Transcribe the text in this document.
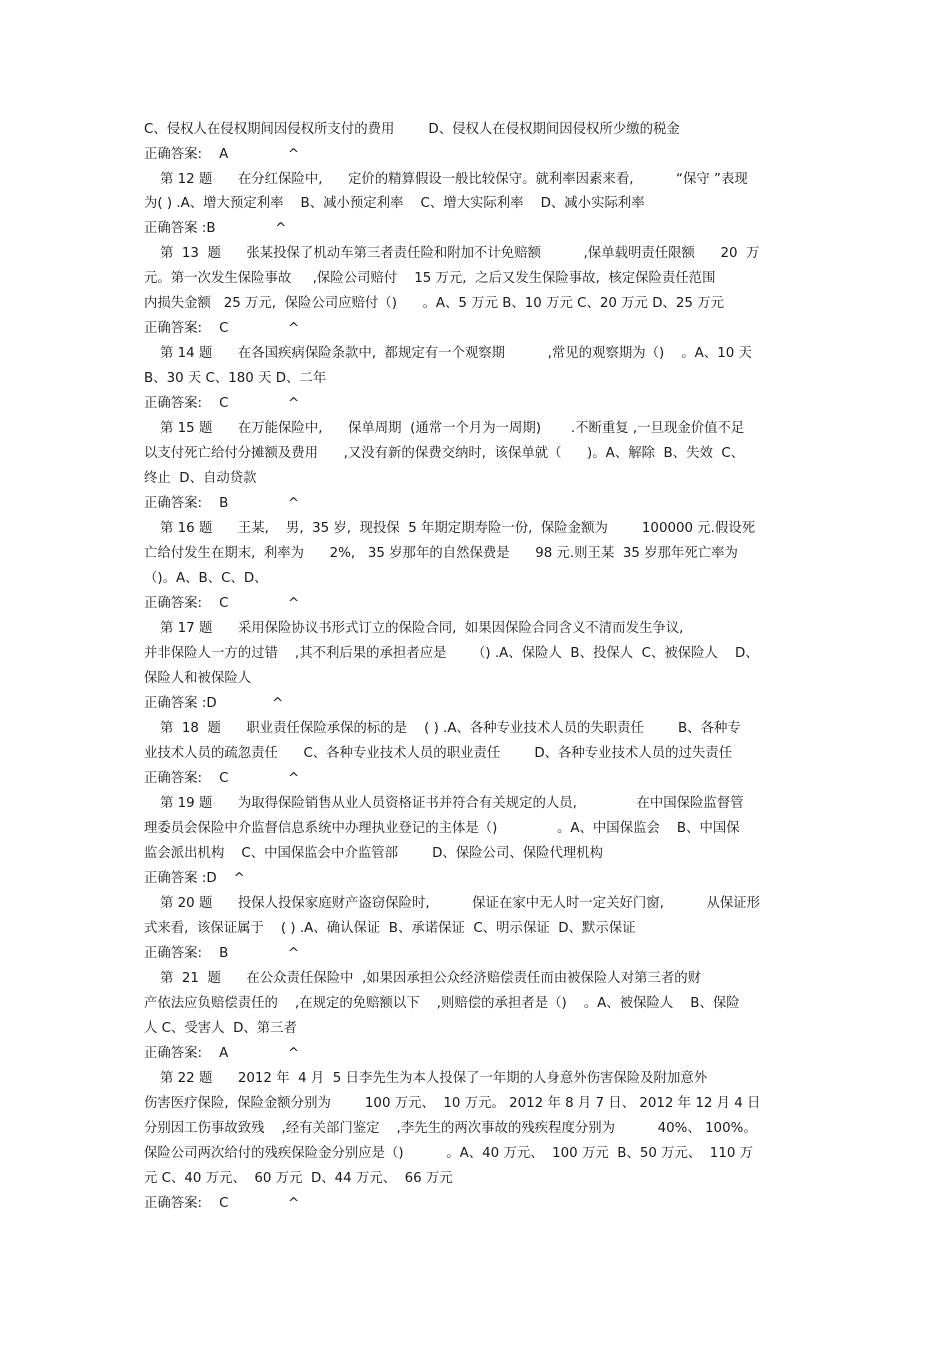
C、侵权人在侵权期间因侵权所支付的费用        D、侵权人在侵权期间因侵权所少缴的税金
正确答案:    A              ^
第 12 题      在分红保险中,      定价的精算假设一般比较保守。就利率因素来看,          “保守 ”表现
为( ) .A、增大预定利率    B、减小预定利率    C、增大实际利率    D、减小实际利率
正确答案 :B              ^
第  13  题      张某投保了机动车第三者责任险和附加不计免赔额          ,保单载明责任限额      20  万
元。第一次发生保险事故     ,保险公司赔付    15 万元,  之后又发生保险事故,  核定保险责任范围
内损失金额   25 万元,  保险公司应赔付（)      。A、5 万元 B、10 万元 C、20 万元 D、25 万元
正确答案:    C              ^
第 14 题      在各国疾病保险条款中,  都规定有一个观察期          ,常见的观察期为（)    。A、10 天
B、30 天 C、180 天 D、二年
正确答案:    C              ^
第 15 题      在万能保险中,      保单周期  (通常一个月为一周期)       .不断重复 ,一旦现金价值不足
以支付死亡给付分摊额及费用      ,又没有新的保费交纳时,  该保单就（      )。A、解除  B、失效  C、
终止  D、自动贷款
正确答案:    B              ^
第 16 题      王某,    男,  35 岁,  现投保  5 年期定期寿险一份,  保险金额为        100000 元.假设死
亡给付发生在期末,  利率为      2%,   35 岁那年的自然保费是      98 元.则王某  35 岁那年死亡率为
（)。A、B、C、D、
正确答案:    C              ^
第 17 题      采用保险协议书形式订立的保险合同,  如果因保险合同含义不清而发生争议,
并非保险人一方的过错    ,其不利后果的承担者应是      （) .A、保险人  B、投保人  C、被保险人    D、
保险人和被保险人
正确答案 :D             ^
第  18  题      职业责任保险承保的标的是    ( ) .A、各种专业技术人员的失职责任        B、各种专
业技术人员的疏忽责任      C、各种专业技术人员的职业责任        D、各种专业技术人员的过失责任
正确答案:    C              ^
第 19 题      为取得保险销售从业人员资格证书并符合有关规定的人员,              在中国保险监督管
理委员会保险中介监督信息系统中办理执业登记的主体是（)              。A、中国保监会    B、中国保
监会派出机构    C、中国保监会中介监管部        D、保险公司、保险代理机构
正确答案 :D    ^
第 20 题      投保人投保家庭财产盗窃保险时,          保证在家中无人时一定关好门窗,          从保证形
式来看,  该保证属于    ( ) .A、确认保证  B、承诺保证  C、明示保证  D、默示保证
正确答案:    B              ^
第  21  题      在公众责任保险中  ,如果因承担公众经济赔偿责任而由被保险人对第三者的财
产依法应负赔偿责任的    ,在规定的免赔额以下    ,则赔偿的承担者是（)    。A、被保险人    B、保险
人 C、受害人  D、第三者
正确答案:    A              ^
第 22 题      2012 年  4 月  5 日李先生为本人投保了一年期的人身意外伤害保险及附加意外
伤害医疗保险,  保险金额分别为        100 万元、  10 万元。 2012 年 8 月 7 日、 2012 年 12 月 4 日
分别因工伤事故致残    ,经有关部门鉴定    ,李先生的两次事故的残疾程度分别为          40%、 100%。
保险公司两次给付的残疾保险金分别应是（)          。A、40 万元、  100 万元  B、50 万元、  110 万
元 C、40 万元、  60 万元  D、44 万元、  66 万元
正确答案:    C              ^
